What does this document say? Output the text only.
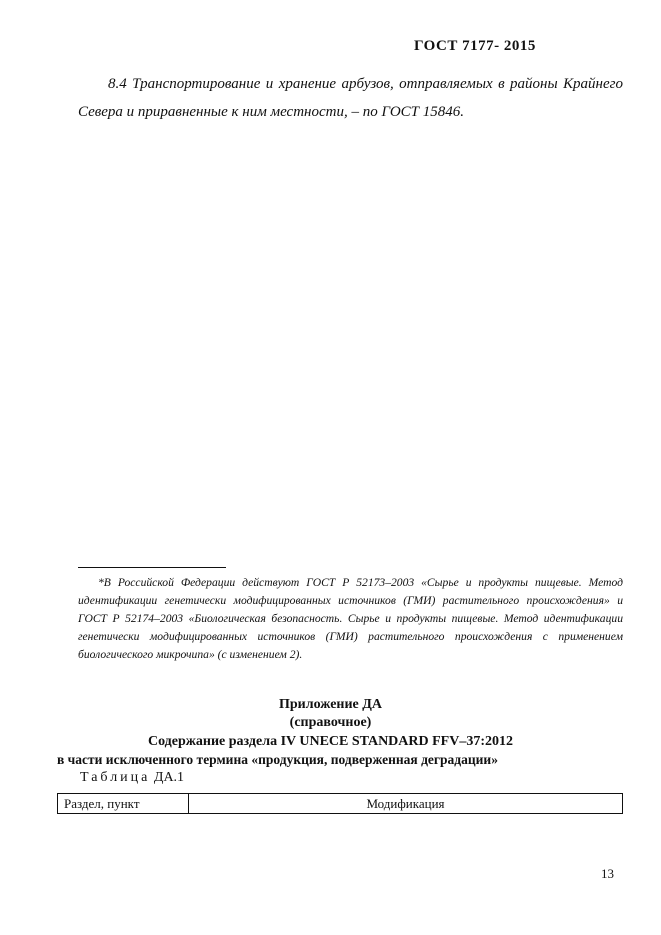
ГОСТ 7177- 2015
8.4 Транспортирование и хранение арбузов, отправляемых в районы Крайнего Севера и приравненные к ним местности, – по ГОСТ 15846.
*В Российской Федерации действуют ГОСТ Р 52173–2003 «Сырье и продукты пищевые. Метод идентификации генетически модифицированных источников (ГМИ) растительного происхождения» и ГОСТ Р 52174–2003 «Биологическая безопасность. Сырье и продукты пищевые. Метод идентификации генетически модифицированных источников (ГМИ) растительного происхождения с применением биологического микрочипа» (с изменением 2).
Приложение ДА
(справочное)
Содержание раздела IV UNECE STANDARD FFV–37:2012
в части исключенного термина «продукция, подверженная деградации»
Таблица ДА.1
Раздел, пункт	Модификация
13
